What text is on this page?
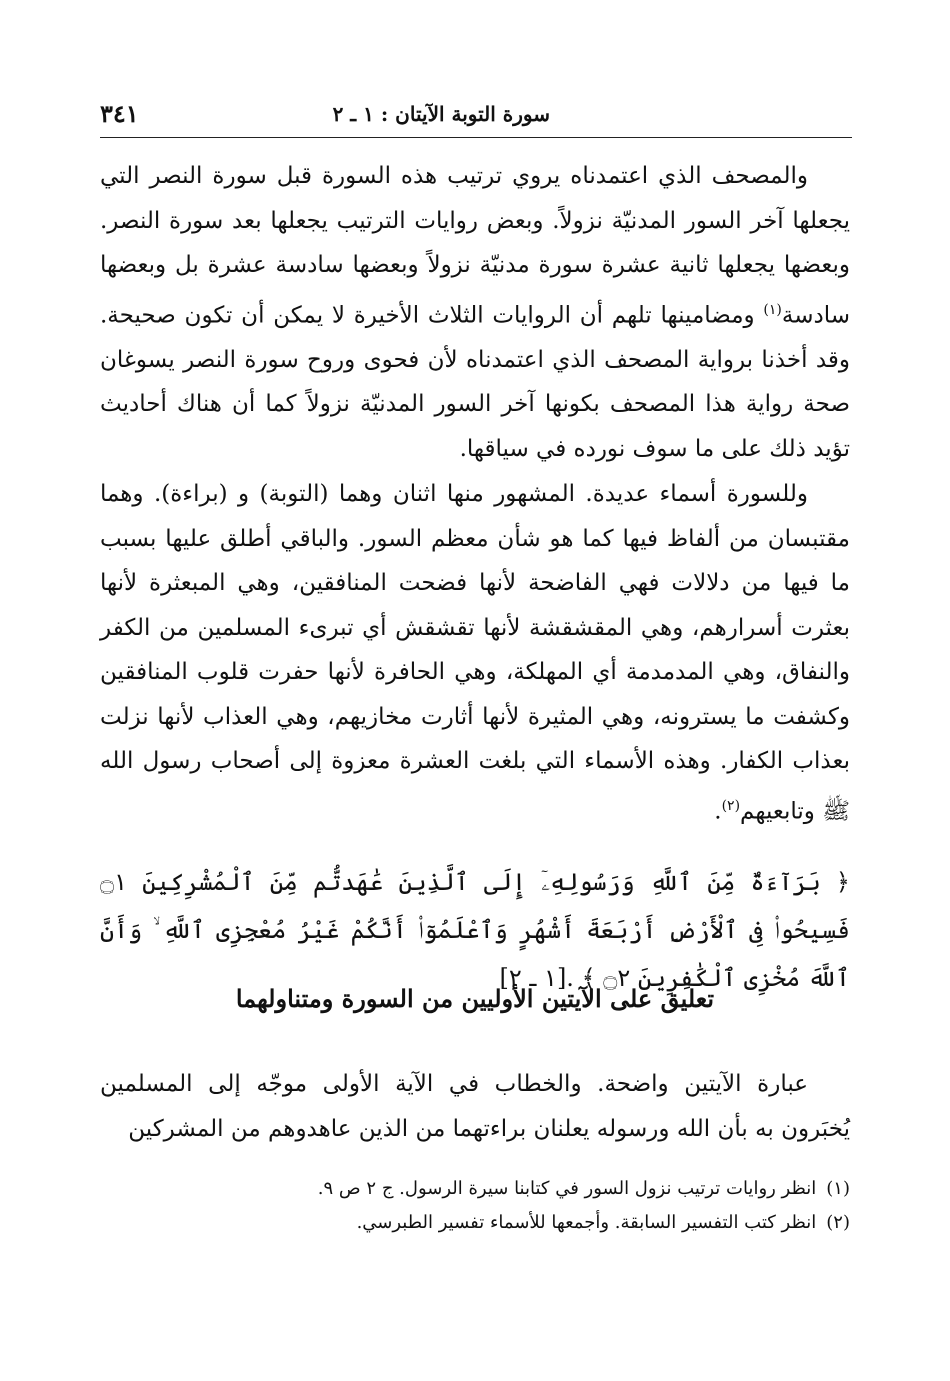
سورة التوبة الآيتان : ١ ـ ٢
٣٤١

والمصحف الذي اعتمدناه يروي ترتيب هذه السورة قبل سورة النصر التي يجعلها آخر السور المدنيّة نزولاً. وبعض روايات الترتيب يجعلها بعد سورة النصر. وبعضها يجعلها ثانية عشرة سورة مدنيّة نزولاً وبعضها سادسة عشرة بل وبعضها سادسة$^{(١)}$ ومضامينها تلهم أن الروايات الثلاث الأخيرة لا يمكن أن تكون صحيحة. وقد أخذنا برواية المصحف الذي اعتمدناه لأن فحوى وروح سورة النصر يسوغان صحة رواية هذا المصحف بكونها آخر السور المدنيّة نزولاً كما أن هناك أحاديث تؤيد ذلك على ما سوف نورده في سياقها.

وللسورة أسماء عديدة. المشهور منها اثنان وهما (التوبة) و (براءة). وهما مقتبسان من ألفاظ فيها كما هو شأن معظم السور. والباقي أطلق عليها بسبب ما فيها من دلالات فهي الفاضحة لأنها فضحت المنافقين، وهي المبعثرة لأنها بعثرت أسرارهم، وهي المقشقشة لأنها تقشقش أي تبرىء المسلمين من الكفر والنفاق، وهي المدمدمة أي المهلكة، وهي الحافرة لأنها حفرت قلوب المنافقين وكشفت ما يسترونه، وهي المثيرة لأنها أثارت مخازيهم، وهي العذاب لأنها نزلت بعذاب الكفار. وهذه الأسماء التي بلغت العشرة معزوة إلى أصحاب رسول الله ﷺ وتابعيهم$^{(٢)}$.

﴿ بَرَآءَةٌ مِّنَ ٱللَّهِ وَرَسُولِهِۦٓ إِلَى ٱلَّذِينَ عَٰهَدتُّم مِّنَ ٱلْمُشْرِكِينَ ۝١ فَسِيحُوا۟ فِى ٱلْأَرْضِ أَرْبَعَةَ أَشْهُرٍ وَٱعْلَمُوٓا۟ أَنَّكُمْ غَيْرُ مُعْجِزِى ٱللَّهِ ۙ وَأَنَّ ٱللَّهَ مُخْزِى ٱلْكَٰفِرِينَ ۝٢ ﴾ [١ ـ ٢].

تعليق على الآيتين الأوليين من السورة ومتناولهما

عبارة الآيتين واضحة. والخطاب في الآية الأولى موجّه إلى المسلمين يُخبَرون به بأن الله ورسوله يعلنان براءتهما من الذين عاهدوهم من المشركين

(١)انظر روايات ترتيب نزول السور في كتابنا سيرة الرسول. ج ٢ ص ٩.

(٢)انظر كتب التفسير السابقة. وأجمعها للأسماء تفسير الطبرسي.
